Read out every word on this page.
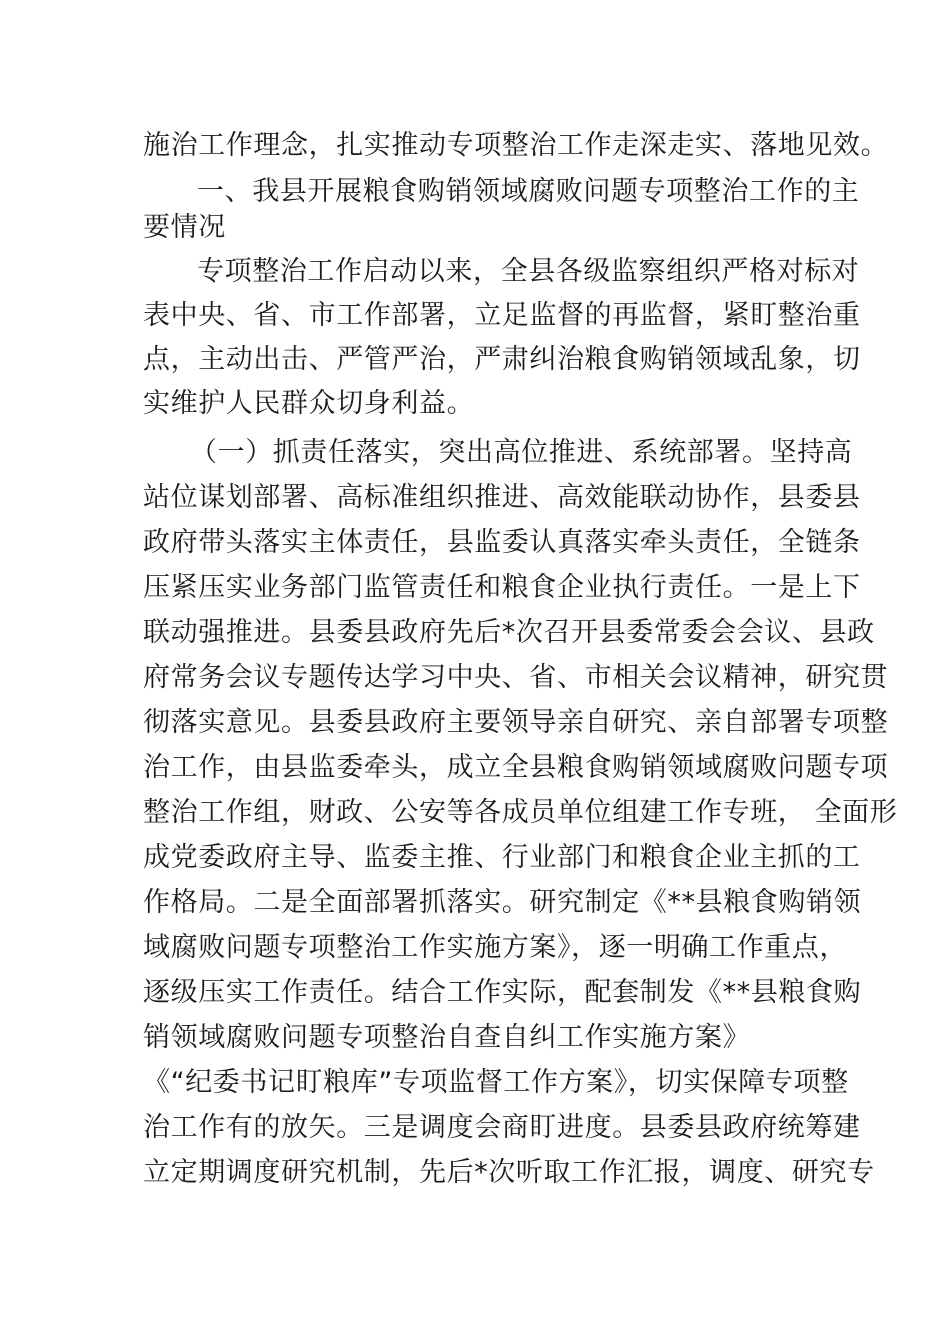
施治工作理念，扎实推动专项整治工作走深走实、落地见效。
一、我县开展粮食购销领域腐败问题专项整治工作的主
要情况
专项整治工作启动以来，全县各级监察组织严格对标对
表中央、省、市工作部署，立足监督的再监督，紧盯整治重
点，主动出击、严管严治，严肃纠治粮食购销领域乱象，切
实维护人民群众切身利益。
（一）抓责任落实，突出高位推进、系统部署。坚持高
站位谋划部署、高标准组织推进、高效能联动协作，县委县
政府带头落实主体责任，县监委认真落实牵头责任，全链条
压紧压实业务部门监管责任和粮食企业执行责任。一是上下
联动强推进。县委县政府先后*次召开县委常委会会议、县政
府常务会议专题传达学习中央、省、市相关会议精神，研究贯
彻落实意见。县委县政府主要领导亲自研究、亲自部署专项整
治工作，由县监委牵头，成立全县粮食购销领域腐败问题专项
整治工作组，财政、公安等各成员单位组建工作专班， 全面形
成党委政府主导、监委主推、行业部门和粮食企业主抓的工
作格局。二是全面部署抓落实。研究制定《**县粮食购销领
域腐败问题专项整治工作实施方案》，逐一明确工作重点，
逐级压实工作责任。结合工作实际，配套制发《**县粮食购
销领域腐败问题专项整治自查自纠工作实施方案》
《“纪委书记盯粮库”专项监督工作方案》，切实保障专项整
治工作有的放矢。三是调度会商盯进度。县委县政府统筹建
立定期调度研究机制，先后*次听取工作汇报，调度、研究专
